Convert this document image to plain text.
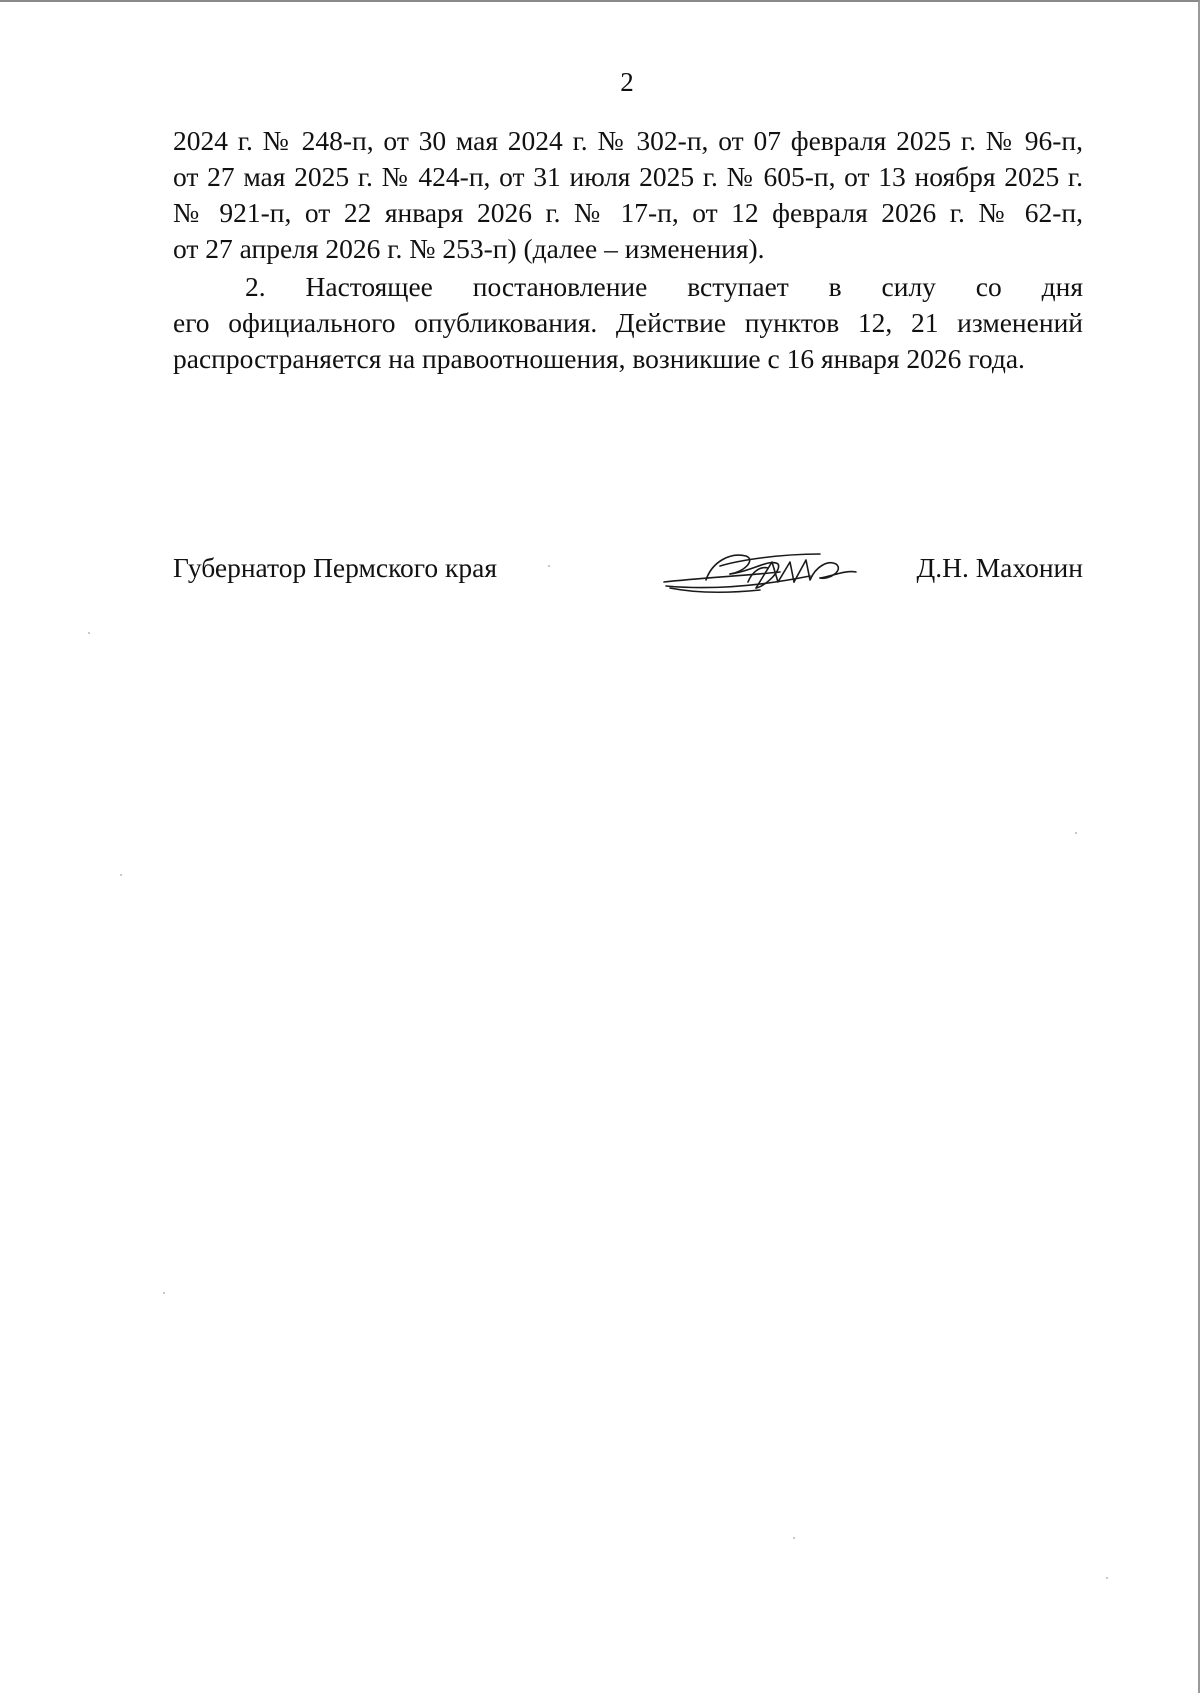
2

2024 г. № 248-п, от 30 мая 2024 г. № 302-п, от 07 февраля 2025 г. № 96-п,

от 27 мая 2025 г. № 424-п, от 31 июля 2025 г. № 605-п, от 13 ноября 2025 г.

№ 921-п, от 22 января 2026 г. № 17-п, от 12 февраля 2026 г. № 62-п,

от 27 апреля 2026 г. № 253-п) (далее – изменения).

2. Настоящее постановление вступает в силу со дня

его официального опубликования. Действие пунктов 12, 21 изменений

распространяется на правоотношения, возникшие с 16 января 2026 года.

Губернатор Пермского края	Д.Н. Махонин
